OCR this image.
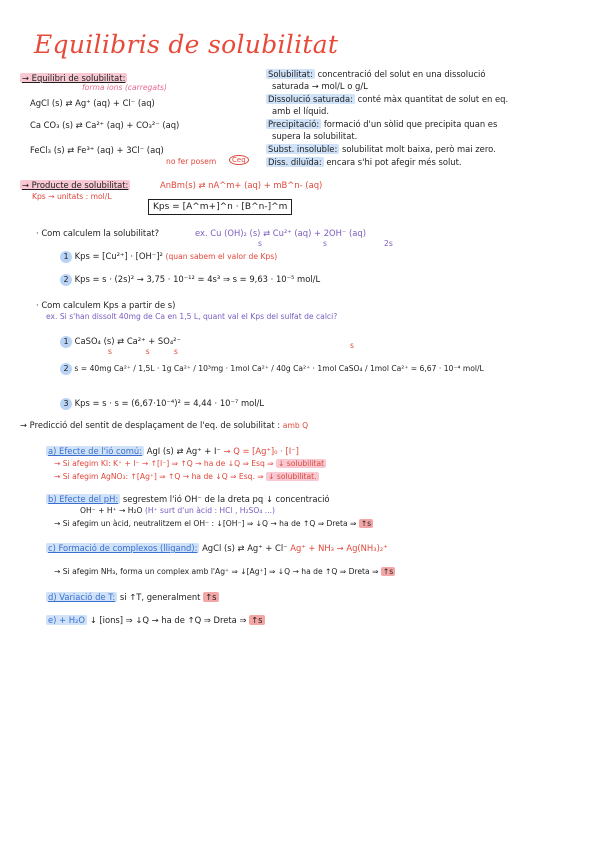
Equilibris de solubilitat
→ Equilibri de solubilitat:
forma ions (carregats)
AgCl (s) ⇄ Ag⁺ (aq) + Cl⁻ (aq)
Ca CO₃ (s) ⇄ Ca²⁺ (aq) + CO₃²⁻ (aq)
FeCl₃ (s) ⇄ Fe³⁺ (aq) + 3Cl⁻ (aq)
no fer posem	Ceq
Solubilitat: concentració del solut en una dissolució
saturada → mol/L o g/L
Dissolució saturada: conté màx quantitat de solut en eq.
amb el líquid.
Precipitació: formació d'un sòlid que precipita quan es
supera la solubilitat.
Subst. insoluble: solubilitat molt baixa, però mai zero.
Diss. diluïda: encara s'hi pot afegir més solut.
→ Producte de solubilitat:	AnBm(s) ⇄ nA^m+ (aq) + mB^n- (aq)
Kps → unitats : mol/L
Kps = [A^m+]^n · [B^n-]^m
· Com calculem la solubilitat?	ex. Cu (OH)₂ (s) ⇄ Cu²⁺ (aq) + 2OH⁻ (aq)
s	s	2s
1 Kps = [Cu²⁺] · [OH⁻]² (quan sabem el valor de Kps)
2 Kps = s · (2s)² → 3,75 · 10⁻¹² = 4s³ ⇒ s = 9,63 · 10⁻⁵ mol/L
· Com calculem Kps a partir de s)
ex. Si s'han dissolt 40mg de Ca en 1,5 L, quant val el Kps del sulfat de calci?
1 CaSO₄ (s) ⇄ Ca²⁺ + SO₄²⁻
s              s          s
s
2 s = 40mg Ca²⁺ / 1,5L · 1g Ca²⁺ / 10³mg · 1mol Ca²⁺ / 40g Ca²⁺ · 1mol CaSO₄ / 1mol Ca²⁺ = 6,67 · 10⁻⁴ mol/L
3 Kps = s · s = (6,67·10⁻⁴)² = 4,44 · 10⁻⁷ mol/L
→ Predicció del sentit de desplaçament de l'eq. de solubilitat : amb Q
a) Efecte de l'ió comú: AgI (s) ⇄ Ag⁺ + I⁻ → Q = [Ag⁺]₀ · [I⁻]
→ Si afegim KI: K⁺ + I⁻ → ↑[I⁻] ⇒ ↑Q → ha de ↓Q ⇒ Esq ⇒ ↓ solubilitat
→ Si afegim AgNO₃: ↑[Ag⁺] ⇒ ↑Q → ha de ↓Q ⇒ Esq. ⇒ ↓ solubilitat.
b) Efecte del pH: segrestem l'ió OH⁻ de la dreta pq ↓ concentració
OH⁻ + H⁺ → H₂O (H⁺ surt d'un àcid : HCl , H₂SO₄ ...)
→ Si afegim un àcid, neutralitzem el OH⁻ : ↓[OH⁻] ⇒ ↓Q → ha de ↑Q ⇒ Dreta ⇒ ↑s
c) Formació de complexos (lligand): AgCl (s) ⇄ Ag⁺ + Cl⁻ Ag⁺ + NH₃ → Ag(NH₃)₂⁺
→ Si afegim NH₃, forma un complex amb l'Ag⁺ ⇒ ↓[Ag⁺] ⇒ ↓Q → ha de ↑Q ⇒ Dreta ⇒ ↑s
d) Variació de T: si ↑T, generalment ↑s
e) + H₂O ↓ [ions] ⇒ ↓Q → ha de ↑Q ⇒ Dreta ⇒ ↑s
